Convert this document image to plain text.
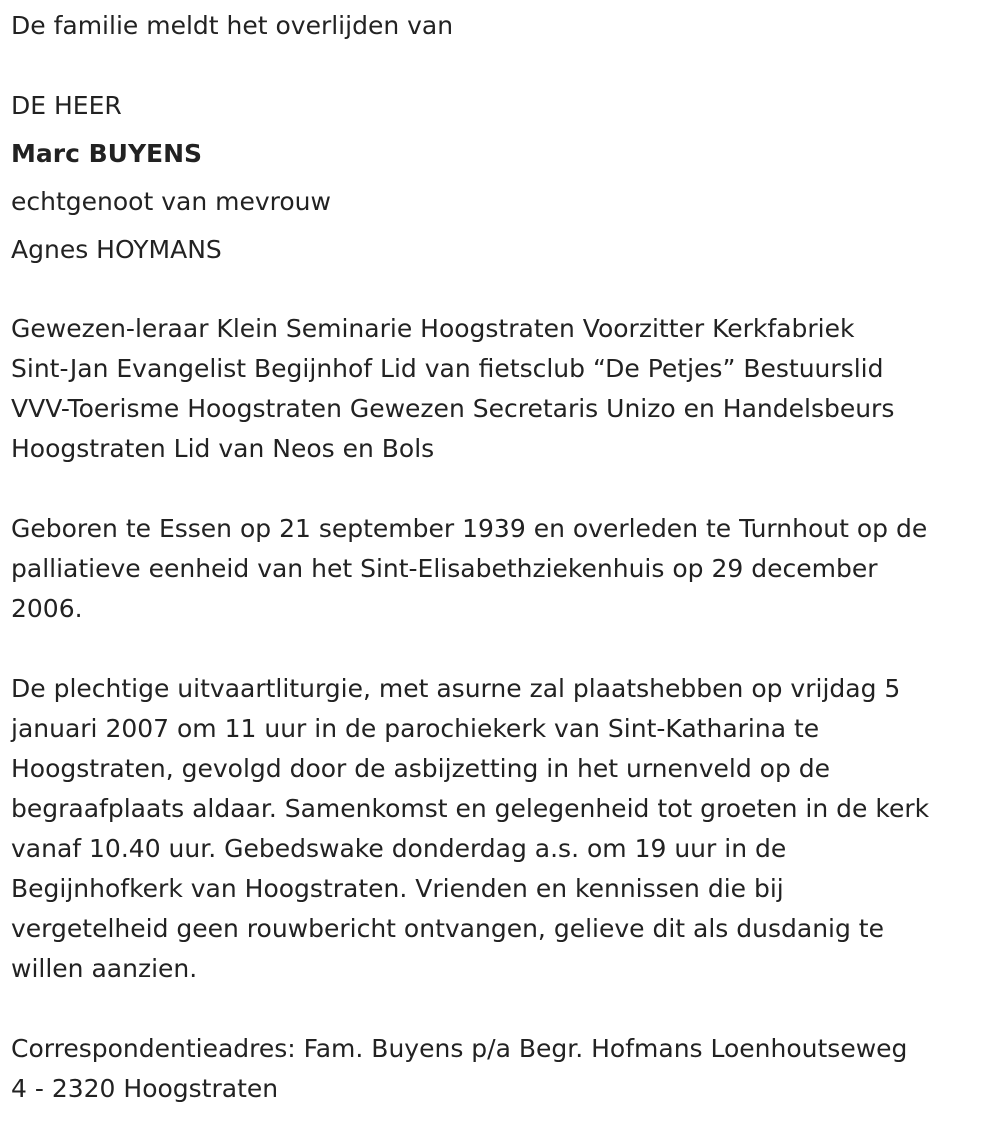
De familie meldt het overlijden van
DE HEER
Marc BUYENS
echtgenoot van mevrouw
Agnes HOYMANS

Gewezen-leraar Klein Seminarie Hoogstraten Voorzitter Kerkfabriek
Sint-Jan Evangelist Begijnhof Lid van fietsclub “De Petjes” Bestuurslid
VVV-Toerisme Hoogstraten Gewezen Secretaris Unizo en Handelsbeurs
Hoogstraten Lid van Neos en Bols

Geboren te Essen op 21 september 1939 en overleden te Turnhout op de
palliatieve eenheid van het Sint-Elisabethziekenhuis op 29 december
2006.

De plechtige uitvaartliturgie, met asurne zal plaatshebben op vrijdag 5
januari 2007 om 11 uur in de parochiekerk van Sint-Katharina te
Hoogstraten, gevolgd door de asbijzetting in het urnenveld op de
begraafplaats aldaar. Samenkomst en gelegenheid tot groeten in de kerk
vanaf 10.40 uur. Gebedswake donderdag a.s. om 19 uur in de
Begijnhofkerk van Hoogstraten. Vrienden en kennissen die bij
vergetelheid geen rouwbericht ontvangen, gelieve dit als dusdanig te
willen aanzien.

Correspondentieadres: Fam. Buyens p/a Begr. Hofmans Loenhoutseweg
4 - 2320 Hoogstraten
